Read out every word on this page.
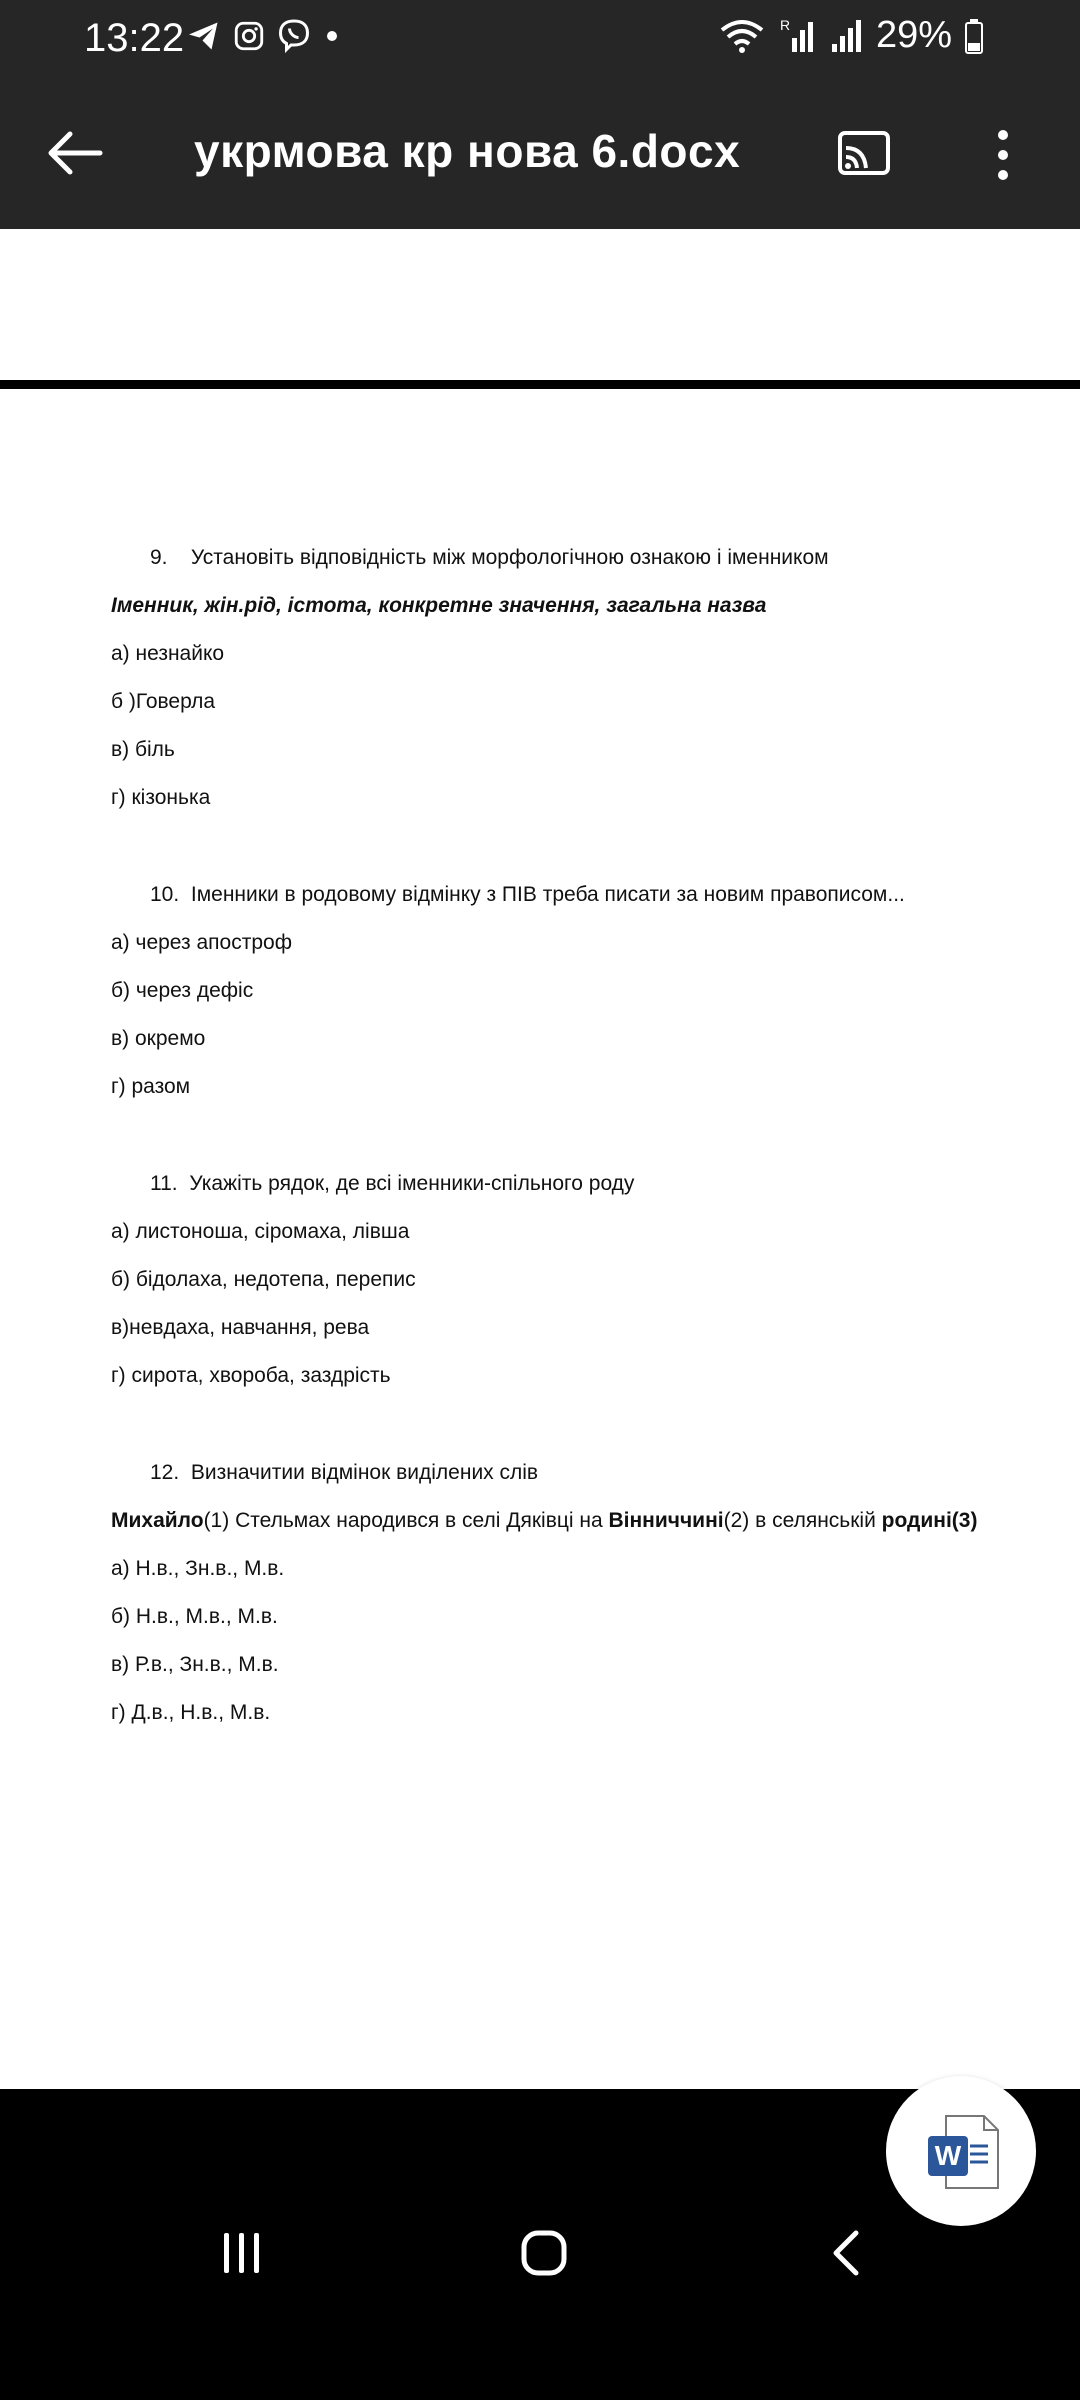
13:22	R 29%
укрмова кр нова 6.docx
9. Установіть відповідність між морфологічною ознакою і іменником
Іменник, жін.рід, істота, конкретне значення, загальна назва
а) незнайко
б )Говерла
в) біль
г) кізонька
10. Іменники в родовому відмінку з ПІВ треба писати за новим правописом...
а) через апостроф
б) через дефіс
в) окремо
г) разом
11. Укажіть рядок, де всі іменники-спільного роду
а) листоноша, сіромаха, лівша
б) бідолаха, недотепа, перепис
в)невдаха, навчання, рева
г) сирота, хвороба, заздрість
12. Визначитии відмінок виділених слів
Михайло(1) Стельмах народився в селі Дяківці на Вінниччині(2) в селянській родині(3)
а) Н.в., Зн.в., М.в.
б) Н.в., М.в., М.в.
в) Р.в., Зн.в., М.в.
г) Д.в., Н.в., М.в.
W
